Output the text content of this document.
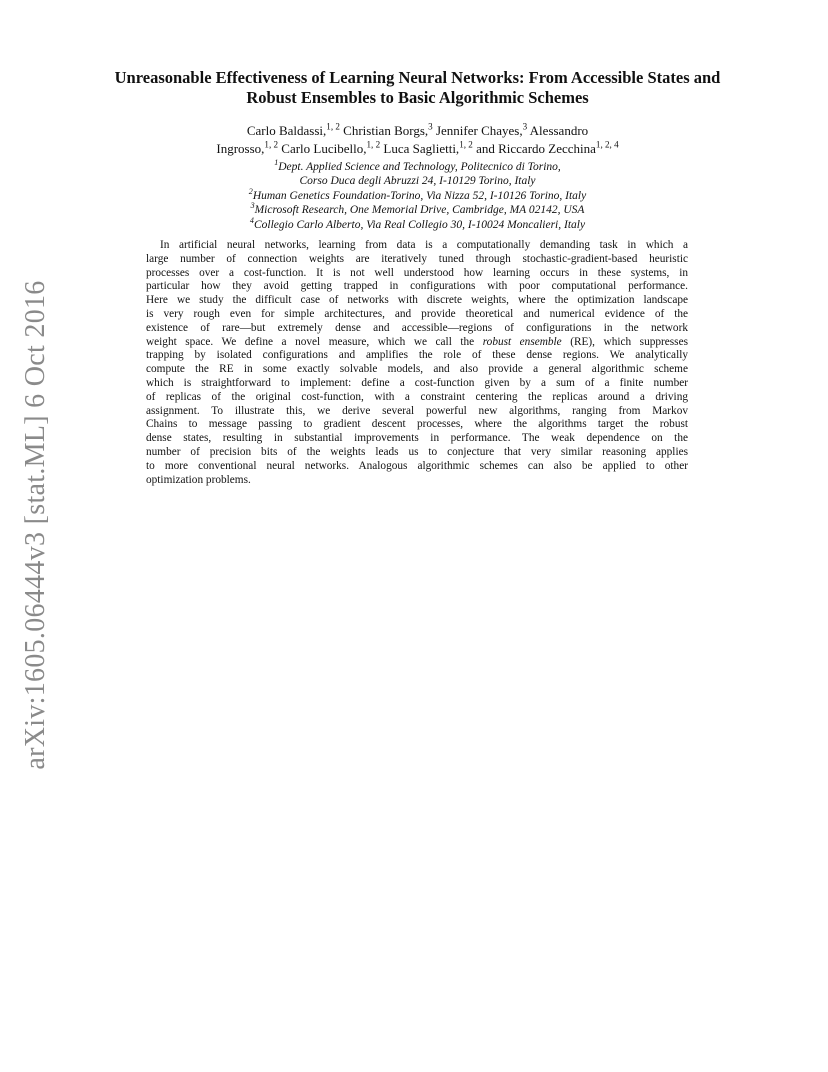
arXiv:1605.06444v3 [stat.ML] 6 Oct 2016
Unreasonable Effectiveness of Learning Neural Networks: From Accessible States and
Robust Ensembles to Basic Algorithmic Schemes
Carlo Baldassi,$^{1, 2}$ Christian Borgs,$^3$ Jennifer Chayes,$^3$ Alessandro
Ingrosso,$^{1, 2}$ Carlo Lucibello,$^{1, 2}$ Luca Saglietti,$^{1, 2}$ and Riccardo Zecchina$^{1, 2, 4}$
$^1$Dept. Applied Science and Technology, Politecnico di Torino,
Corso Duca degli Abruzzi 24, I-10129 Torino, Italy
$^2$Human Genetics Foundation-Torino, Via Nizza 52, I-10126 Torino, Italy
$^3$Microsoft Research, One Memorial Drive, Cambridge, MA 02142, USA
$^4$Collegio Carlo Alberto, Via Real Collegio 30, I-10024 Moncalieri, Italy
In artificial neural networks, learning from data is a computationally demanding task in which a
large number of connection weights are iteratively tuned through stochastic-gradient-based heuristic
processes over a cost-function. It is not well understood how learning occurs in these systems, in
particular how they avoid getting trapped in configurations with poor computational performance.
Here we study the difficult case of networks with discrete weights, where the optimization landscape
is very rough even for simple architectures, and provide theoretical and numerical evidence of the
existence of rare—but extremely dense and accessible—regions of configurations in the network
weight space. We define a novel measure, which we call the robust ensemble (RE), which suppresses
trapping by isolated configurations and amplifies the role of these dense regions. We analytically
compute the RE in some exactly solvable models, and also provide a general algorithmic scheme
which is straightforward to implement: define a cost-function given by a sum of a finite number
of replicas of the original cost-function, with a constraint centering the replicas around a driving
assignment. To illustrate this, we derive several powerful new algorithms, ranging from Markov
Chains to message passing to gradient descent processes, where the algorithms target the robust
dense states, resulting in substantial improvements in performance. The weak dependence on the
number of precision bits of the weights leads us to conjecture that very similar reasoning applies
to more conventional neural networks. Analogous algorithmic schemes can also be applied to other
optimization problems.
